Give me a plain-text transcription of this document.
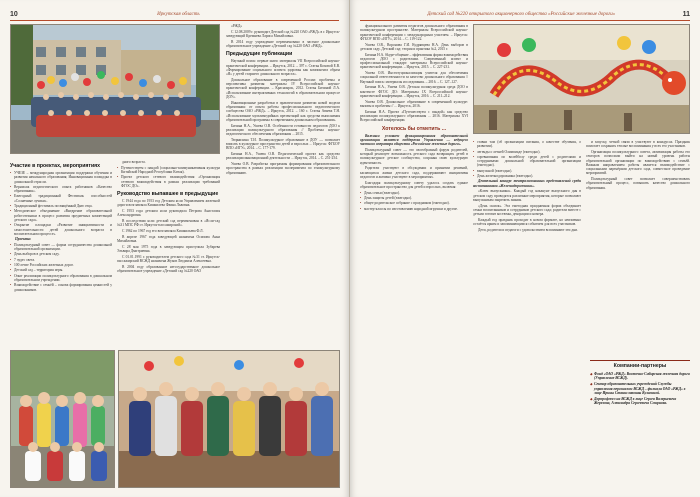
10	Иркутская область

«РЖД»

С 12.08.2009 г. руководит Детской сад №220 ОАО «РЖД» в г. Иркутск-заведующий Кремнева Лариса Михайловна.

В 2014 году учреждение переименовано в частное дошкольное образовательное учреждение «Детский сад №220 ОАО «РЖД».

Предыдущие публикации

Научный поиск: первые шаги: материалы VII Всероссийской научно-практической конференции. – Иркутск, 2012. – 397 с. Статья Коховой Е.В. «Формирование социального аспекта здоровья как компонента образа «Я» у детей старшего дошкольного возраста».

Дошкольное образование в современной России: проблемы и перспективы развития: материалы IV Всероссийской научно-практической конференции. – Красноярск, 2012. Статья Бичиной Л.А. «Использование интерактивных технологий в образовательном процессе ДОУ».

Инновационные разработки в практическом развитии новой модели образования: от опыта работы профессионального педагогического сообщества ОАО «РЖД». – Иркутск, 2012. – 160 с. Статья Аваева Т.Н. «Использование мультимедийных презентаций как средства выполнения образовательной программы в современном дошкольном образовании».

Бичина Н.А., Ушева О.В. Особенности готовности педагогов ДОО к реализации поликультурного образования // Проблемы научно-педагогического обеспечения образования ... 2015.

Тюрнихина Т.И. Поликультурное образование в ДОУ — позволяет вписать в культурное пространство детей и взрослых ... Иркутск: ФГБОУ ВПО «ИГУ», 2014. – С. 177-179.

Бичина Н.А., Ушева О.В. Педагогический проект как средство реализации инновационной деятельности ... Иркутск, 2014. – С. 251-254.

Ушева О.В. Разработка программы формирования образовательного пространства в рамках реализации эксперимента по этнокультурному образованию.

Участие в проектах, мероприятиях

• УЧЕЗЕ – международная организация поддержки обучения и развития начального образования; Инновационная площадка в дошкольной отрасли.
• Вернисаж педагогического опыта работников «Качество образования».
• Ежегодный традиционный Фестиваль способностей «Солнечные лучики».
• Традиционный фестиваль посвящённый Дню отца.
• Методическое объединение «Внедрение образовательной робототехники в процесс развития предметных компетенций детского сада».
• Открытие площадки «Развитие инициативности и самостоятельности детей дошкольного возраста в воспитательном процессе».

Проекты:

• Поликультурный совет — форма сотрудничества дошкольной образовательной организации.
• День выборов в детском саду.
• 7 чудес света.
• 100 летие Российских железных дорог.
• Детский сад – территория игры.
• Опыт реализации поликультурного образования в дошкольном образовательном учреждении.
• Взаимодействие с семьёй – основа формирования ценностей у дошкольников.

дного возраста.

• Путешествуем с пандой (социально-коммуникативная культура Китайской Народной Республики Китая).
• Проект детского сетевого взаимодействия «Организация сетевого взаимодействия в рамках реализации требований ФГОС ДО».

Руководство выпавшее в предыдущие

С 1944 года по 1953 год Детским ясли Управлением железной дороги возглавляла Кишкилева Фаина Львовна.

С 1953 года детским ясли руководила Петрова Анастасия Александровна.

В последствии ясли детский сад переименован в «Ясли-сад №31 МПС РФ ст. Иркутск-пассажирский».

С 1962 по 1967 год его возглавляла Кишкильева Ф.Л.

В апреле 1967 года заведующей назначена Осипова Анна Михайловна.

С 28 мая 1975 года в заведующим приступила Зубарева Эльвира Дмитриевна.

С 01.01.1991 г. руководителем детского сада №31 ст. Иркутск-пассажирский ВСЖД назначена Жуков Людмила Алексеевна.

В 2004 году образованное негосударственное дошкольное образовательное учреждение «Детский сад №220 ОАО

Детский сад №220 открытого акционерного общества «Российские железные дороги»	11

функционального развития педагогов дошкольного образования в поликультурном пространстве. Материалы Всероссийской научно-практической конференции с международным участием. – Иркутск: ФГБОУ ВПО «ИГУ», 2014. – С. 119-122.

Ушева О.В., Воронова Г.И. Кудрявцева Н.А. День выборов в детском саду. Детский сад: теория и практика №2, 2015 г.

Бичина Н.А. Skype-общение – эффективная форма взаимодействия педагогов ДОО с родителями. Современный аспект и профессиональный стандарт: материалы Всероссийской научно-практической конференции. – Иркутск, 2015. – С. 227-231.

Ушева О.В. Институционализация учителя для обеспечения социальной ответственности за качество дошкольного образования // Научный поиск: материалы исследования. – 2016. – С. 127–127.

Бичина Н.А., Ушева О.В. Детская поликультурная среда ДОО в контексте ФГОС ДО: Материалы IX Всероссийской научно-практической конференции. – Иркутск, 2016. – С. 211–212.

Ушева О.В. Дошкольное образование в современной культуре: вызовы и проблемы // ... Иркутск, 2016.

Бичина Н.А. Проект «Путешествуем с пандой» как средство реализации поликультурного образования ... 2016. Материалы XVI Всероссийской конференции.

Хотелось бы отметить ...

Важным условием функционирования образовательной организации является поддержка Управления — ведущего частного оператора общества «Российские железные дороги».

Поликультурный совет — это своеобразный форум родителей, который реализует возможность детского сада возвращать детей в поликультурное детское сообщество, сохраняя свою культурную идентичность.

Родители участвуют в обсуждении и принятии решений, касающихся жизни детского сада, поддерживают инициативы педагогов и активно участвуют в мероприятиях.

Благодаря поликультурному совету удалось создать единое образовательное пространство для детей и взрослых, включая:

• День семьи (ежегодно).
• День защиты детей (ежегодно).
• общее родительское собрание с праздником (ежегодно).
• мастер-классы по изготовлению народной игрушки и другие.
• ставки там (об организации питания, о качестве обучения, о развитии).
• легенды о летней Олимпиаде (ежегодно).
• соревнования по волейболу среди детей с родителями и сотрудниками дошкольной образовательной организации (ежегодно).
• выпускной (ежегодно).
• День железнодорожника (ежегодно).

Деятельный конкурс театрализованных представлений среди воспитанников «Железнодорожники».

«Ключ выпускника». Каждый год накануне выпускного дня в детском саду проводятся различные мероприятия, которые позволяют выпускникам закрепить знания.

«День сказок». Эта ежегодная праздничная форма объединяет семьи воспитанников и сотрудников детского сада; родители вместе с детьми готовят костюмы, декорации и номера.

Каждый год праздник проходит в новом формате, но неизменно остаётся ярким и запоминающимся событием для всех участников.

Дети, родители и педагоги с удовольствием вспоминают эти дни.

и запуску, четкой связи в участвуют в конкурсах. Праздник помогает сохранять теплые воспоминания у всех его участников.

Организация поликультурного совета, активизация работы его секторов позволили выйти на новый уровень работы образовательной организации по взаимодействию с семьёй. Важным направлением работы является взаимодействие с социальными партнёрами детского сада, совместное проведение мероприятий.

Поликультурный совет позволяет совершенствовать образовательный процесс, повышать качество дошкольного образования.

Компании-партнеры
◆ Фонд «ОАО «РЖД» Восточно-Сибирская железная дорога (Управление ВСЖД).
◆ Сектор образовательных учреждений Службы управления персоналом ВСЖД – филиала ОАО «РЖД» в лице Ирины Станиславовны Кулагиной.
◆ Дорпрофжел на ВСЖД в лице Сергея Валерьевича Жерехова, Александра Сергеевича Смирнова.
